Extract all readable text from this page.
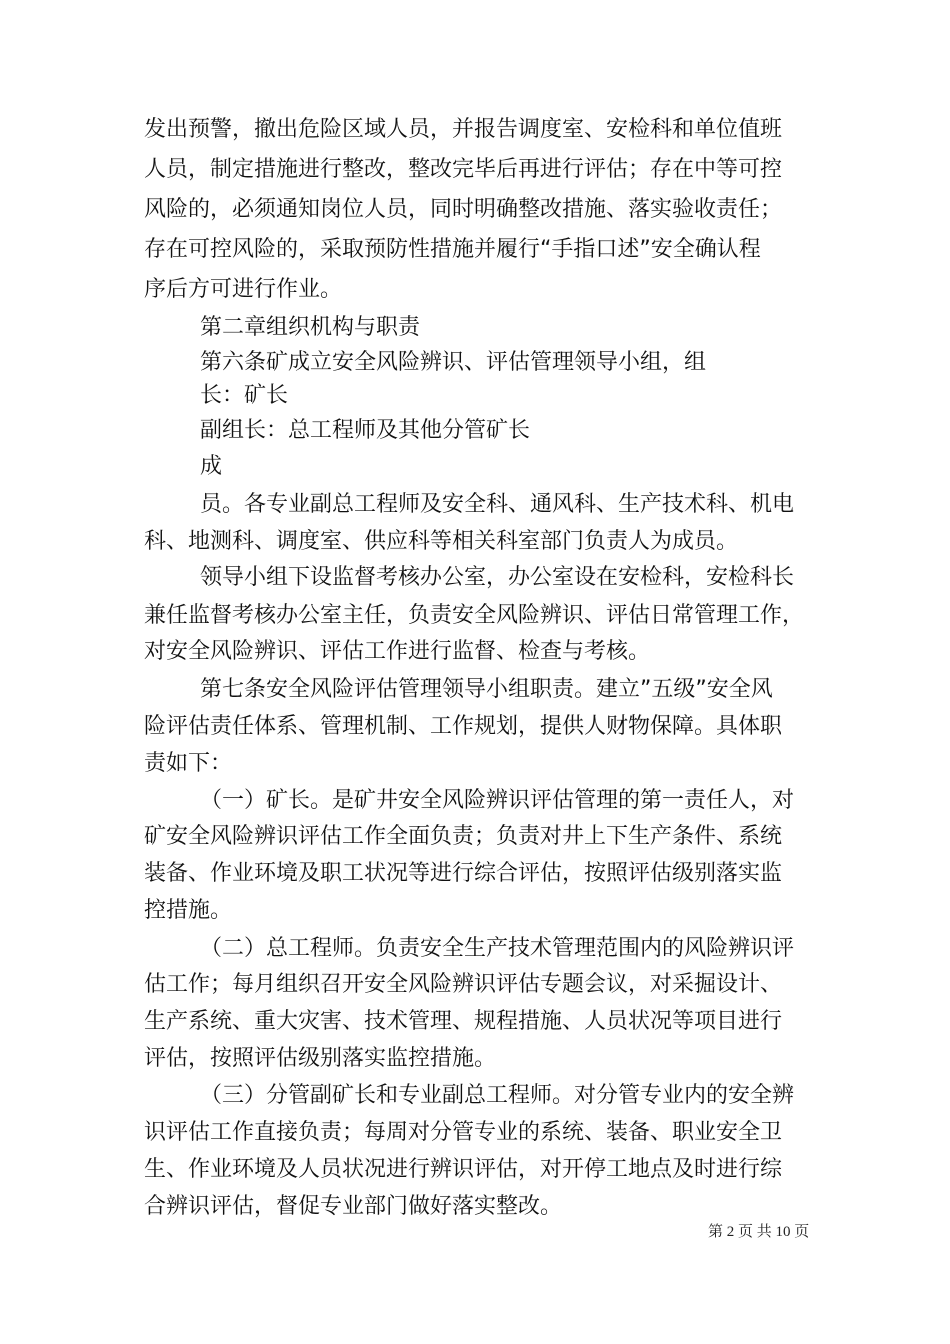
发出预警，撤出危险区域人员，并报告调度室、安检科和单位值班
人员，制定措施进行整改，整改完毕后再进行评估；存在中等可控
风险的，必须通知岗位人员，同时明确整改措施、落实验收责任；
存在可控风险的，采取预防性措施并履行“手指口述”安全确认程
序后方可进行作业。
第二章组织机构与职责
第六条矿成立安全风险辨识、评估管理领导小组，组
长：矿长
副组长：总工程师及其他分管矿长
成
员。各专业副总工程师及安全科、通风科、生产技术科、机电
科、地测科、调度室、供应科等相关科室部门负责人为成员。
领导小组下设监督考核办公室，办公室设在安检科，安检科长
兼任监督考核办公室主任，负责安全风险辨识、评估日常管理工作，
对安全风险辨识、评估工作进行监督、检查与考核。
第七条安全风险评估管理领导小组职责。建立”五级”安全风
险评估责任体系、管理机制、工作规划，提供人财物保障。具体职
责如下：
（一）矿长。是矿井安全风险辨识评估管理的第一责任人，对
矿安全风险辨识评估工作全面负责；负责对井上下生产条件、系统
装备、作业环境及职工状况等进行综合评估，按照评估级别落实监
控措施。
（二）总工程师。负责安全生产技术管理范围内的风险辨识评
估工作；每月组织召开安全风险辨识评估专题会议，对采掘设计、
生产系统、重大灾害、技术管理、规程措施、人员状况等项目进行
评估，按照评估级别落实监控措施。
（三）分管副矿长和专业副总工程师。对分管专业内的安全辨
识评估工作直接负责；每周对分管专业的系统、装备、职业安全卫
生、作业环境及人员状况进行辨识评估，对开停工地点及时进行综
合辨识评估，督促专业部门做好落实整改。
第 2 页 共 10 页
